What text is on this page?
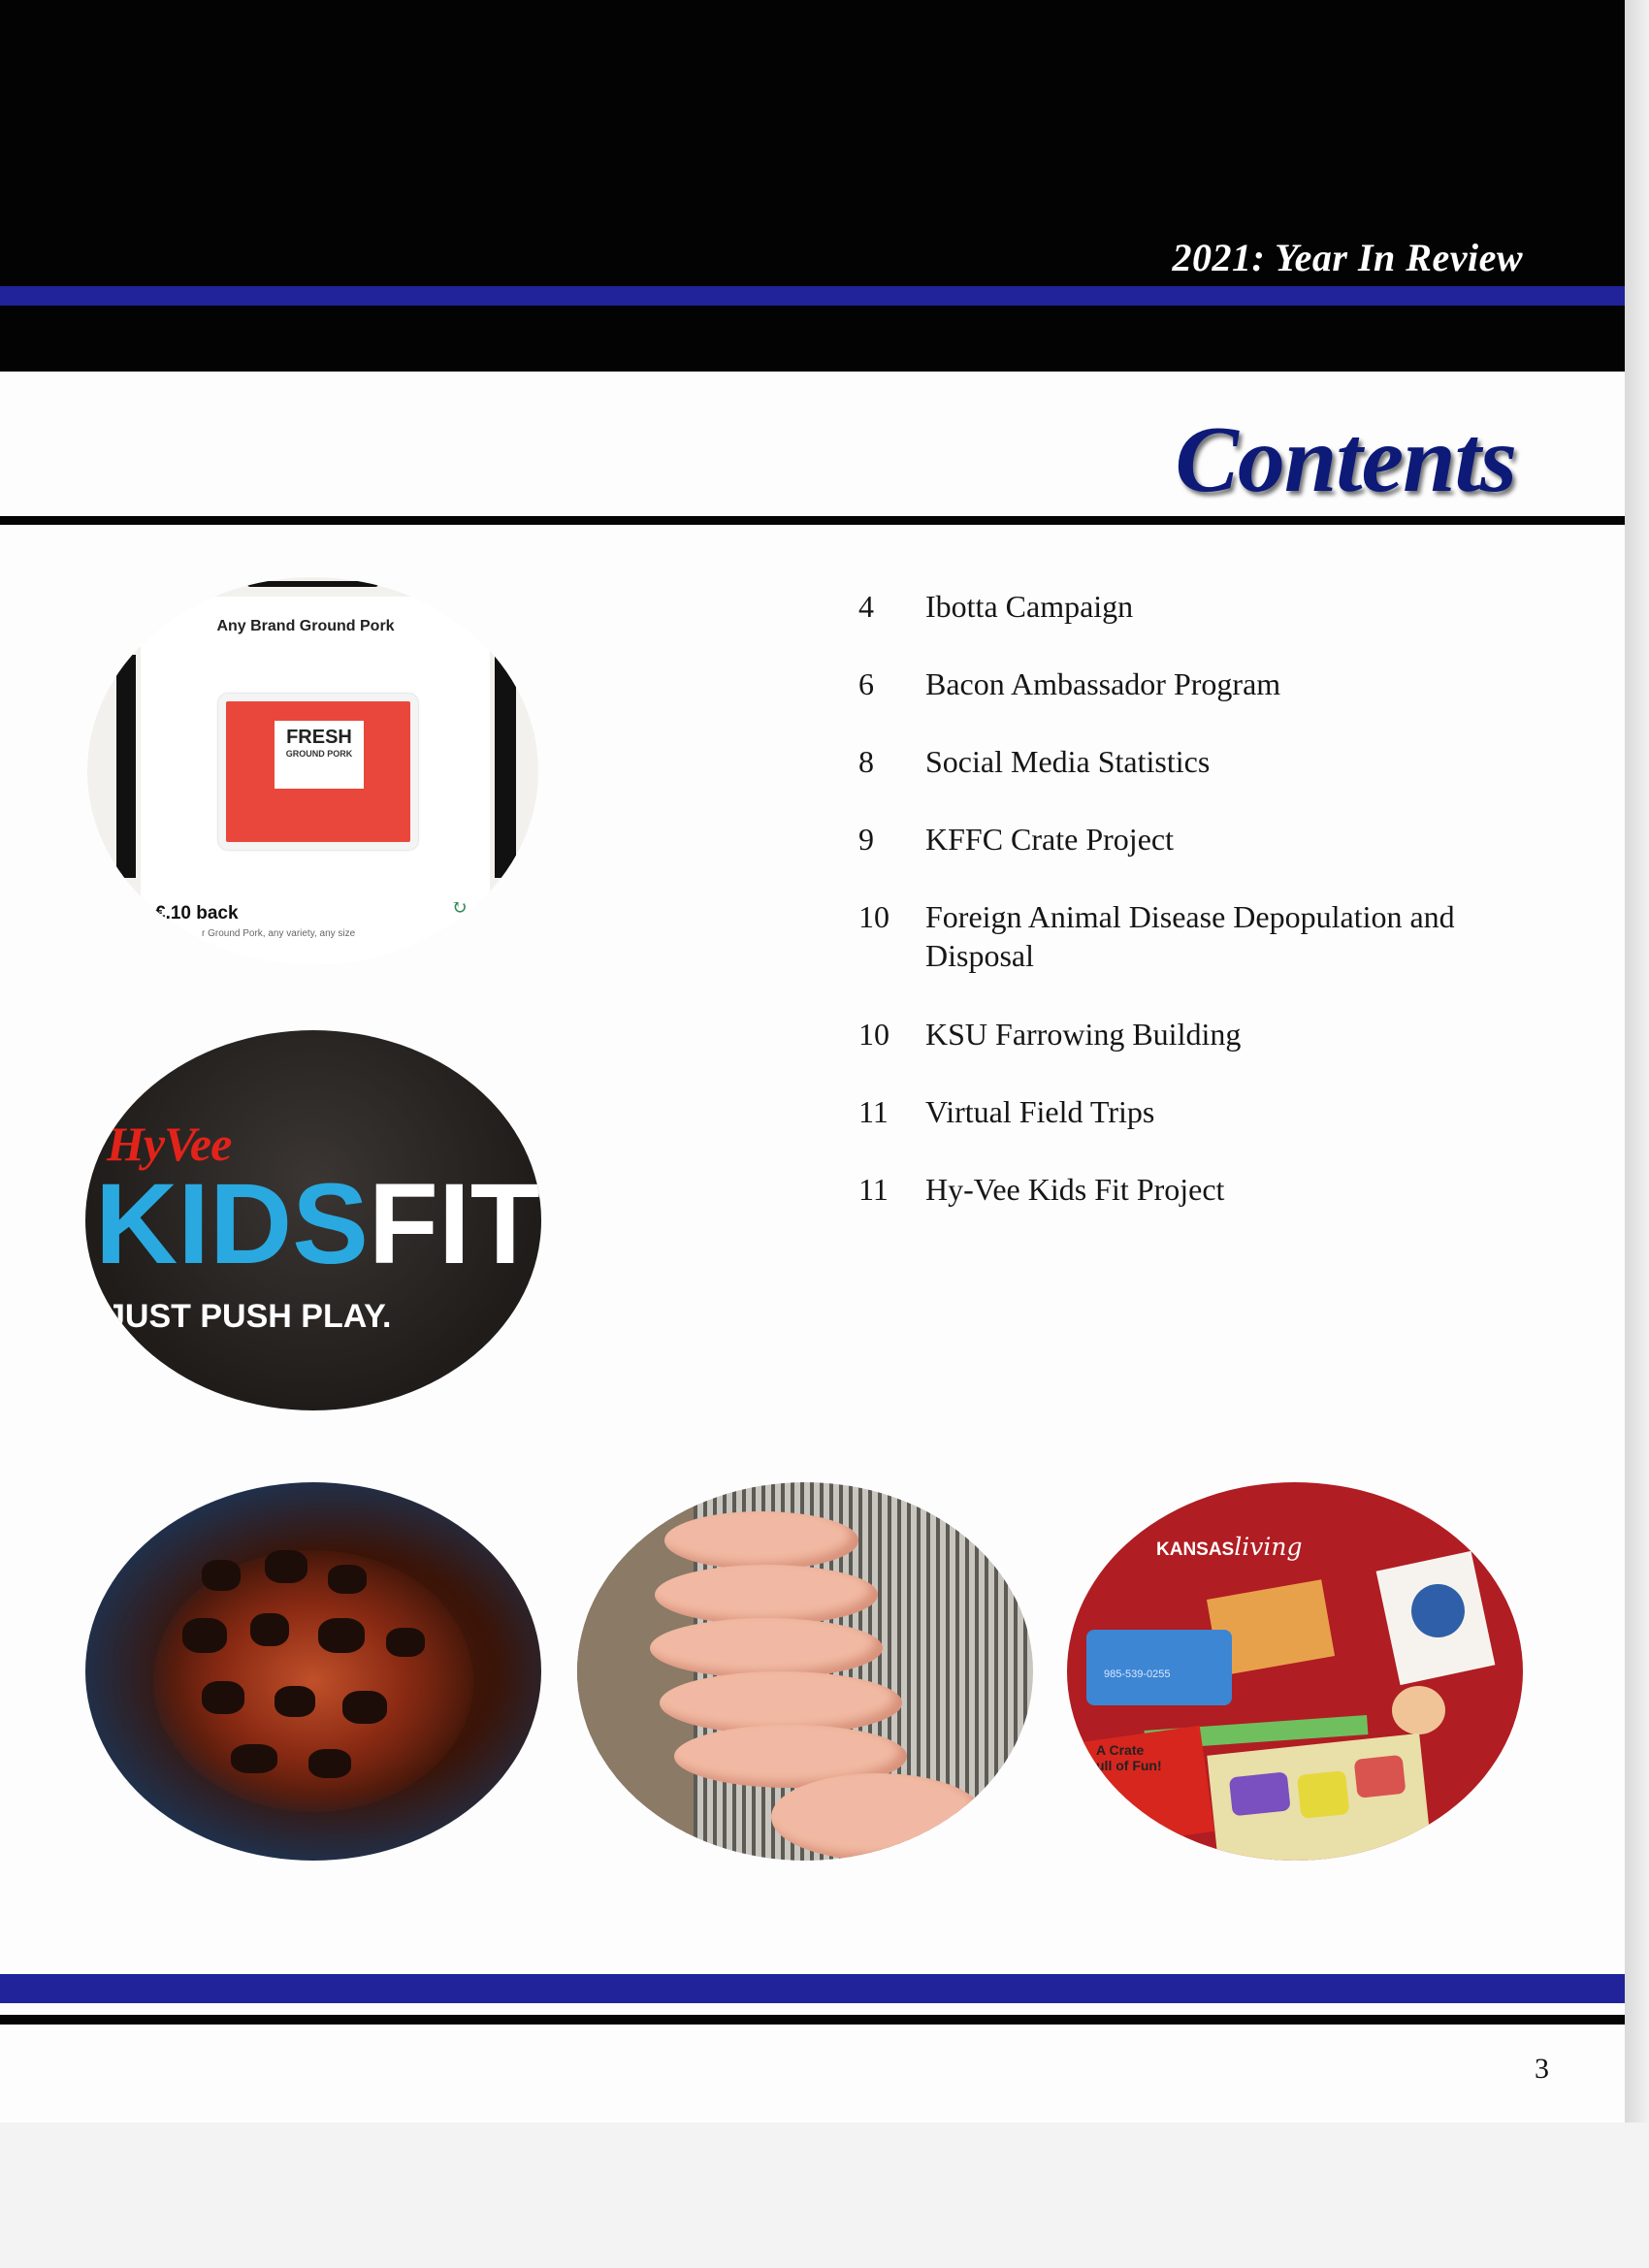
2021: Year In Review
Contents
4	Ibotta Campaign
6	Bacon Ambassador Program
8	Social Media Statistics
9	KFFC Crate Project
10	Foreign Animal Disease Depopulation and Disposal
10	KSU Farrowing Building
11	Virtual Field Trips
11	Hy-Vee Kids Fit Project
Any Brand Ground Pork
FRESH
GROUND PORK
€.10 back
r Ground Pork, any variety, any size
↻
HyVee
KIDSFIT
JUST PUSH PLAY.
KANSASliving
985-539-0255
A Crate
ull of Fun!
3
